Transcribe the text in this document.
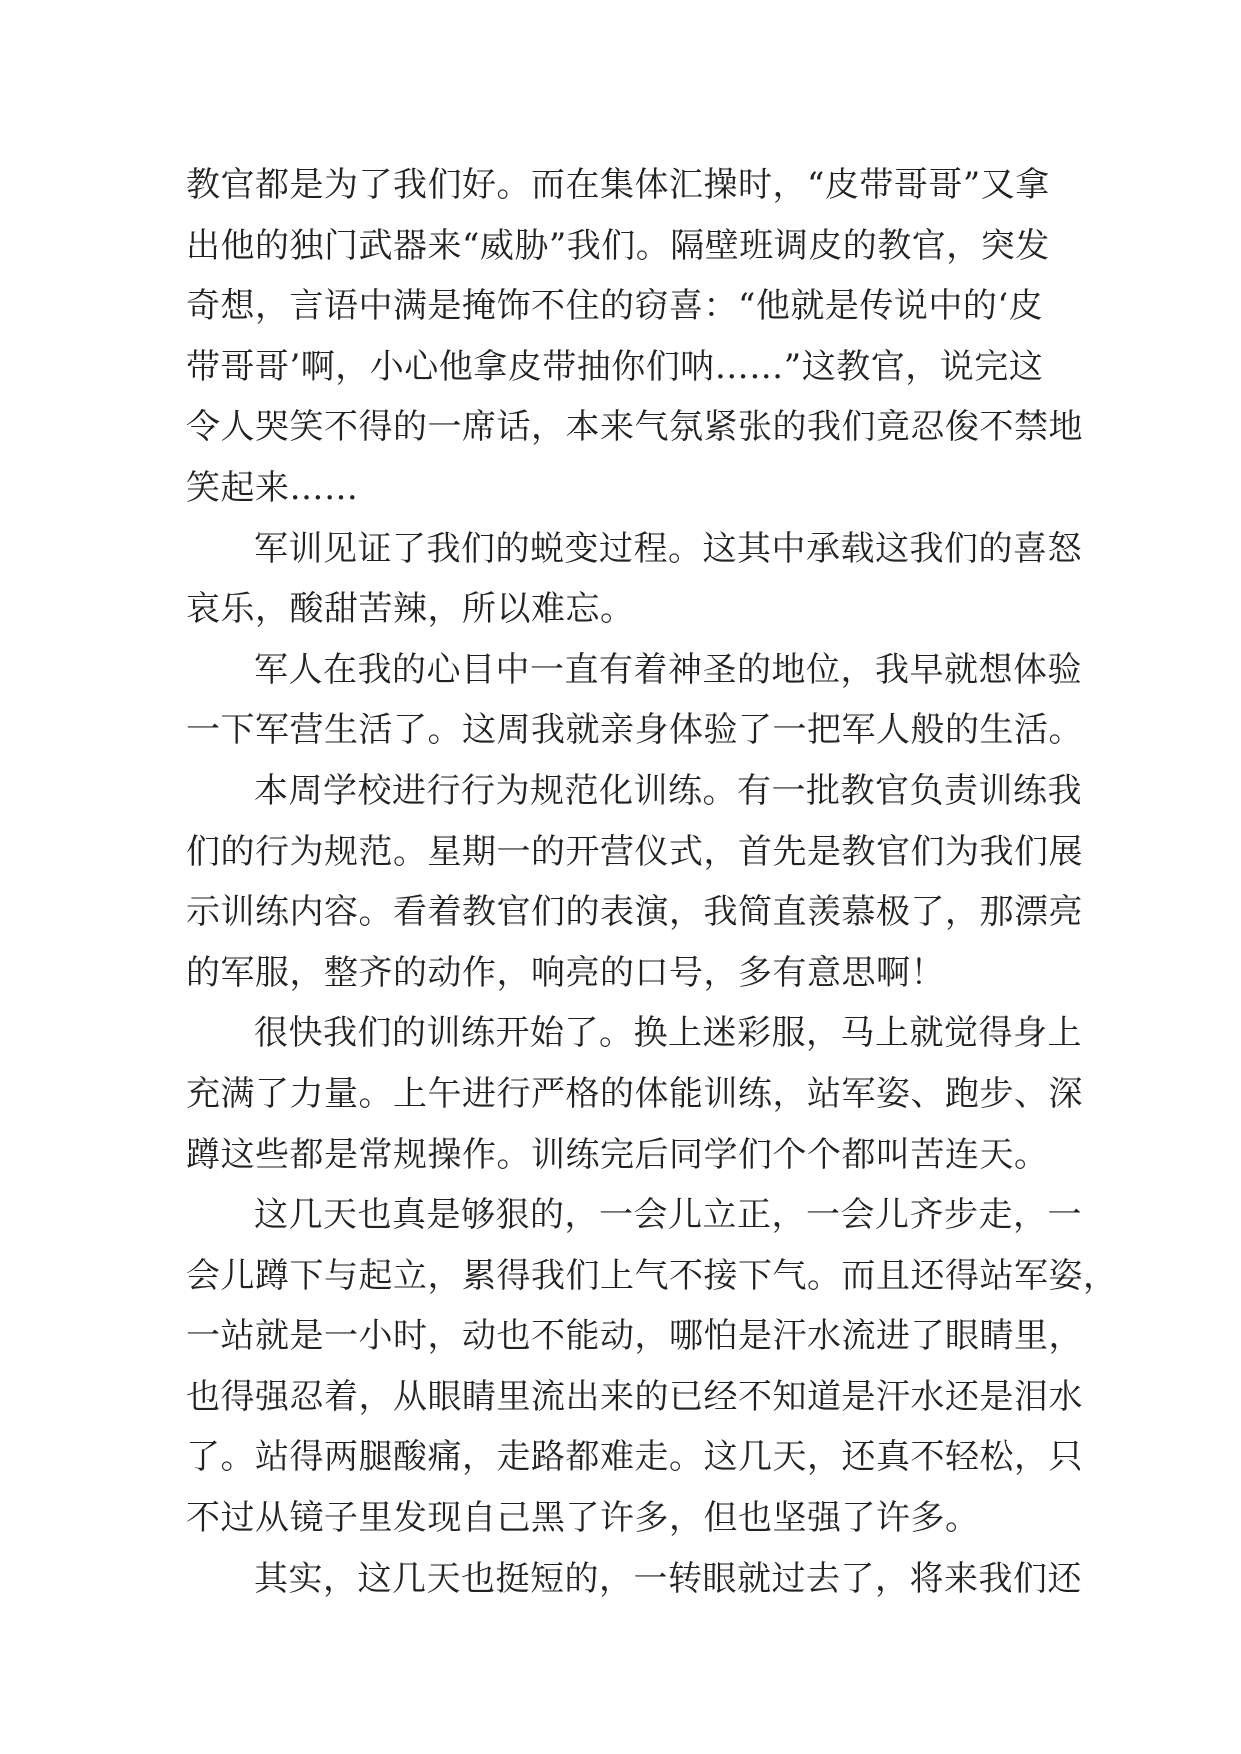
教官都是为了我们好。而在集体汇操时，“皮带哥哥”又拿
出他的独门武器来“威胁”我们。隔壁班调皮的教官，突发
奇想，言语中满是掩饰不住的窃喜：“他就是传说中的‘皮
带哥哥’啊，小心他拿皮带抽你们呐……”这教官，说完这
令人哭笑不得的一席话，本来气氛紧张的我们竟忍俊不禁地
笑起来……
军训见证了我们的蜕变过程。这其中承载这我们的喜怒
哀乐，酸甜苦辣，所以难忘。
军人在我的心目中一直有着神圣的地位，我早就想体验
一下军营生活了。这周我就亲身体验了一把军人般的生活。
本周学校进行行为规范化训练。有一批教官负责训练我
们的行为规范。星期一的开营仪式，首先是教官们为我们展
示训练内容。看着教官们的表演，我简直羡慕极了，那漂亮
的军服，整齐的动作，响亮的口号，多有意思啊！
很快我们的训练开始了。换上迷彩服，马上就觉得身上
充满了力量。上午进行严格的体能训练，站军姿、跑步、深
蹲这些都是常规操作。训练完后同学们个个都叫苦连天。
这几天也真是够狠的，一会儿立正，一会儿齐步走，一
会儿蹲下与起立，累得我们上气不接下气。而且还得站军姿，
一站就是一小时，动也不能动，哪怕是汗水流进了眼睛里，
也得强忍着，从眼睛里流出来的已经不知道是汗水还是泪水
了。站得两腿酸痛，走路都难走。这几天，还真不轻松，只
不过从镜子里发现自己黑了许多，但也坚强了许多。
其实，这几天也挺短的，一转眼就过去了，将来我们还
